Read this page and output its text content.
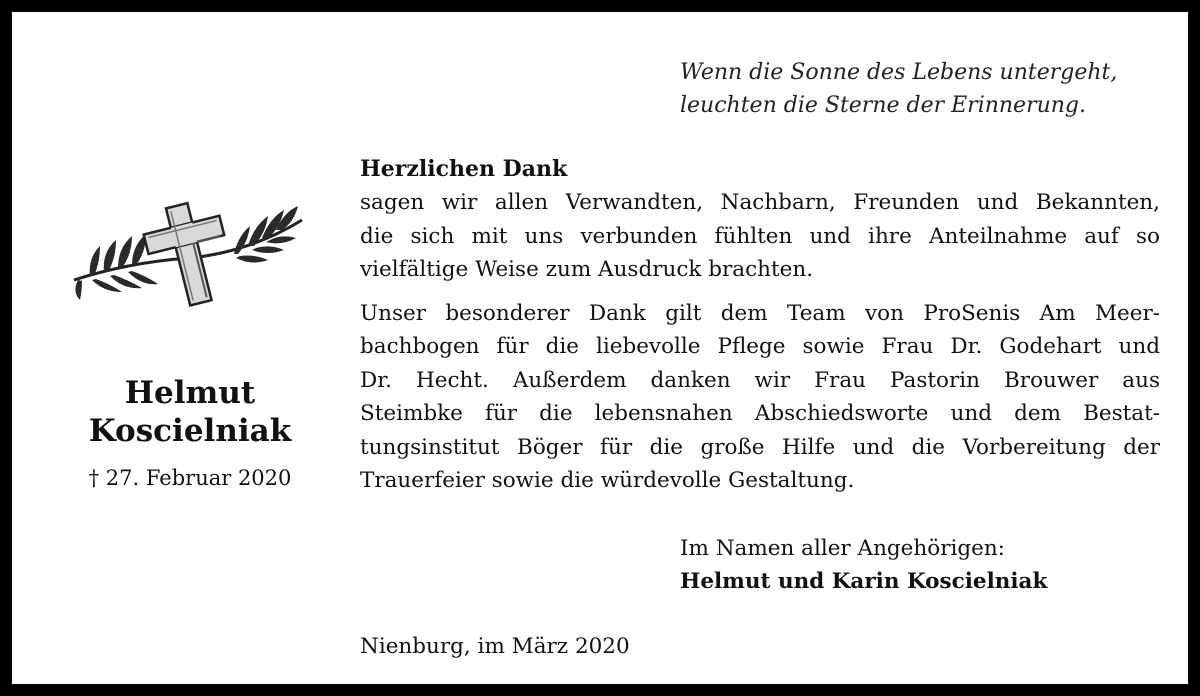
Wenn die Sonne des Lebens untergeht,
leuchten die Sterne der Erinnerung.
Helmut
Koscielniak
† 27. Februar 2020
Herzlichen Dank
sagen wir allen Verwandten, Nachbarn, Freunden und Bekannten,
die sich mit uns verbunden fühlten und ihre Anteilnahme auf so
vielfältige Weise zum Ausdruck brachten.
Unser besonderer Dank gilt dem Team von ProSenis Am Meer-
bachbogen für die liebevolle Pflege sowie Frau Dr. Godehart und
Dr. Hecht. Außerdem danken wir Frau Pastorin Brouwer aus
Steimbke für die lebensnahen Abschiedsworte und dem Bestat-
tungsinstitut Böger für die große Hilfe und die Vorbereitung der
Trauerfeier sowie die würdevolle Gestaltung.
Im Namen aller Angehörigen:
Helmut und Karin Koscielniak
Nienburg, im März 2020
